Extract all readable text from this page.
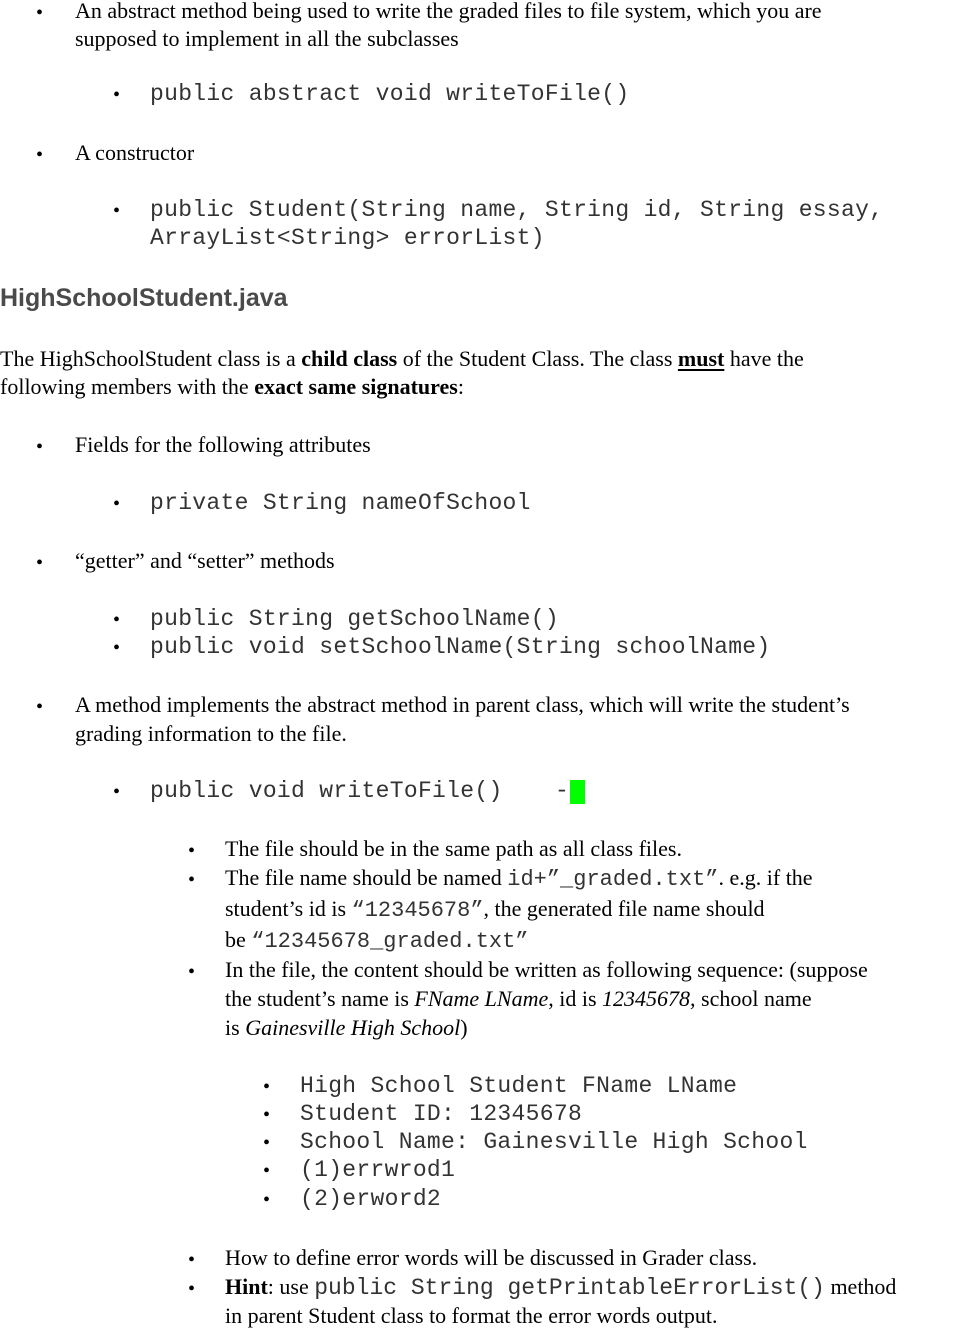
• An abstract method being used to write the graded files to file system, which you are
supposed to implement in all the subclasses
• public abstract void writeToFile()
• A constructor
• public Student(String name, String id, String essay,
ArrayList<String> errorList)
HighSchoolStudent.java
The HighSchoolStudent class is a child class of the Student Class. The class must have the
following members with the exact same signatures:
• Fields for the following attributes
• private String nameOfSchool
• “getter” and “setter” methods
• public String getSchoolName()
• public void setSchoolName(String schoolName)
• A method implements the abstract method in parent class, which will write the student’s
grading information to the file.
• public void writeToFile() -
• The file should be in the same path as all class files.
• The file name should be named id+”_graded.txt”. e.g. if the
student’s id is “12345678”, the generated file name should
be “12345678_graded.txt”
• In the file, the content should be written as following sequence: (suppose
the student’s name is FName LName, id is 12345678, school name
is Gainesville High School)
• High School Student FName LName
• Student ID: 12345678
• School Name: Gainesville High School
• (1)errwrod1
• (2)erword2
• How to define error words will be discussed in Grader class.
• Hint: use public String getPrintableErrorList() method
in parent Student class to format the error words output.
